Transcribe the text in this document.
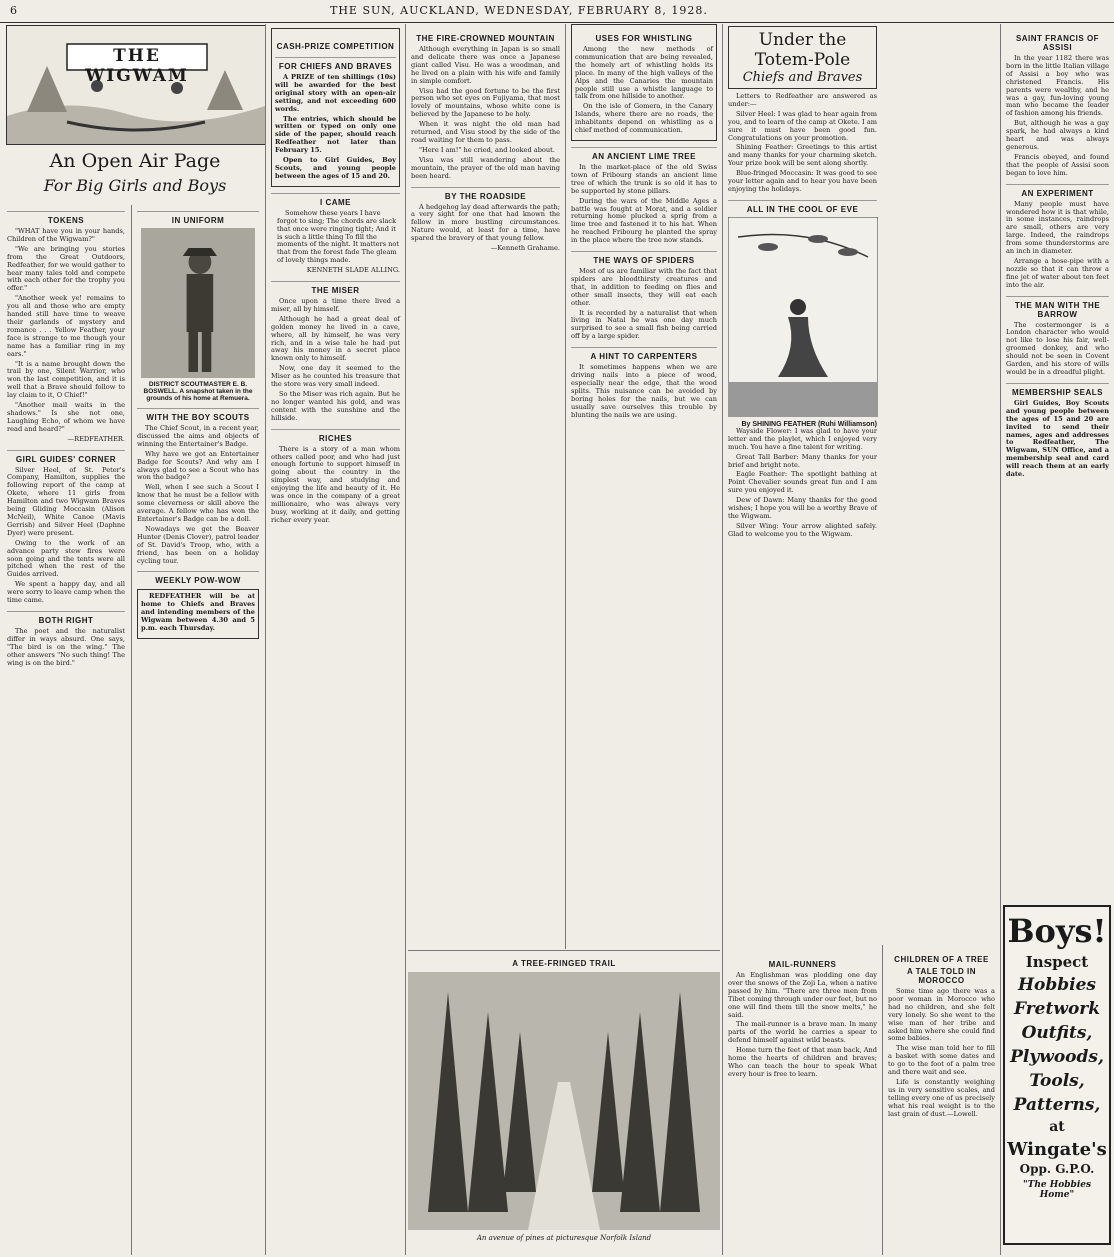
6	THE SUN, AUCKLAND, WEDNESDAY, FEBRUARY 8, 1928.
THE WIGWAM
An Open Air Page
For Big Girls and Boys
TOKENS

"WHAT have you in your hands, Children of the Wigwam?"

"We are bringing you stories from the Great Outdoors, Redfeather, for we would gather to hear many tales told and compete with each other for the trophy you offer."

"Another week ye! remains to you all and those who are empty handed still have time to weave their garlands of mystery and romance . . . Yellow Feather, your face is strange to me though your name has a familiar ring in my ears."

"It is a name brought down the trail by one, Silent Warrior, who won the last competition, and it is well that a Brave should follow to lay claim to it, O Chief!"

"Another mail waits in the shadows." Is she not one, Laughing Echo, of whom we have read and heard?"

—REDFEATHER.

GIRL GUIDES' CORNER

Silver Heel, of St. Peter's Company, Hamilton, supplies the following report of the camp at Okete, where 11 girls from Hamilton and two Wigwam Braves being Gliding Moccasin (Alison McNeil), White Canoe (Mavis Gerrish) and Silver Heel (Daphne Dyer) were present.

Owing to the work of an advance party stew fires were soon going and the tents were all pitched when the rest of the Guides arrived.

We spent a happy day, and all were sorry to leave camp when the time came.

BOTH RIGHT

The poet and the naturalist differ in ways absurd. One says, "The bird is on the wing." The other answers "No such thing! The wing is on the bird."

IN UNIFORM
DISTRICT SCOUTMASTER E. B. BOSWELL. A snapshot taken in the grounds of his home at Remuera.
WITH THE BOY SCOUTS

The Chief Scout, in a recent year, discussed the aims and objects of winning the Entertainer's Badge.

Why have we got an Entertainer Badge for Scouts? And why am I always glad to see a Scout who has won the badge?

Well, when I see such a Scout I know that he must be a fellow with some cleverness or skill above the average. A fellow who has won the Entertainer's Badge can be a doll.

Nowadays we get the Beaver Hunter (Denis Clover), patrol leader of St. David's Troop, who, with a friend, has been on a holiday cycling tour.

WEEKLY POW-WOW

REDFEATHER will be at home to Chiefs and Braves and intending members of the Wigwam between 4.30 and 5 p.m. each Thursday.

CASH-PRIZE COMPETITION
FOR CHIEFS AND BRAVES

A PRIZE of ten shillings (10s) will be awarded for the best original story with an open-air setting, and not exceeding 600 words.

The entries, which should be written or typed on only one side of the paper, should reach Redfeather not later than February 15.

Open to Girl Guides, Boy Scouts, and young people between the ages of 15 and 20.

I CAME

Somehow these years I have forgot to sing; The chords are slack that once were ringing tight; And it is such a little thing To fill the moments of the night. It matters not that from the forest fade The gleam of lovely things made.

KENNETH SLADE ALLING.

THE MISER

Once upon a time there lived a miser, all by himself.

Although he had a great deal of golden money he lived in a cave, where, all by himself, he was very rich, and in a wise tale he had put away his money in a secret place known only to himself.

Now, one day it seemed to the Miser as he counted his treasure that the store was very small indeed.

So the Miser was rich again. But he no longer wanted his gold, and was content with the sunshine and the hillside.

RICHES

There is a story of a man whom others called poor, and who had just enough fortune to support himself in going about the country in the simplest way, and studying and enjoying the life and beauty of it. He was once in the company of a great millionaire, who was always very busy, working at it daily, and getting richer every year.

THE FIRE-CROWNED MOUNTAIN

Although everything in Japan is so small and delicate there was once a Japanese giant called Visu. He was a woodman, and he lived on a plain with his wife and family in simple comfort.

Visu had the good fortune to be the first person who set eyes on Fujiyama, that most lovely of mountains, whose white cone is believed by the Japanese to be holy.

When it was night the old man had returned, and Visu stood by the side of the road waiting for them to pass.

"Here I am!" he cried, and looked about.

Visu was still wandering about the mountain, the prayer of the old man having been heard.

BY THE ROADSIDE

A hedgehog lay dead afterwards the path; a very sight for one that had known the fellow in more bustling circumstances. Nature would, at least for a time, have spared the bravery of that young fellow.

—Kenneth Grahame.

A TREE-FRINGED TRAIL
An avenue of pines at picturesque Norfolk Island
USES FOR WHISTLING

Among the new methods of communication that are being revealed, the homely art of whistling holds its place. In many of the high valleys of the Alps and the Canaries the mountain people still use a whistle language to talk from one hillside to another.

On the isle of Gomera, in the Canary Islands, where there are no roads, the inhabitants depend on whistling as a chief method of communication.

AN ANCIENT LIME TREE

In the market-place of the old Swiss town of Fribourg stands an ancient lime tree of which the trunk is so old it has to be supported by stone pillars.

During the wars of the Middle Ages a battle was fought at Morat, and a soldier returning home plucked a sprig from a lime tree and fastened it to his hat. When he reached Fribourg he planted the spray in the place where the tree now stands.

THE WAYS OF SPIDERS

Most of us are familiar with the fact that spiders are bloodthirsty creatures and that, in addition to feeding on flies and other small insects, they will eat each other.

It is recorded by a naturalist that when living in Natal he was one day much surprised to see a small fish being carried off by a large spider.

A HINT TO CARPENTERS

It sometimes happens when we are driving nails into a piece of wood, especially near the edge, that the wood splits. This nuisance can be avoided by boring holes for the nails, but we can usually save ourselves this trouble by blunting the nails we are using.

MAIL-RUNNERS

An Englishman was plodding one day over the snows of the Zoji La, when a native passed by him. "There are three men from Tibet coming through under our feet, but no one will find them till the snow melts," he said.

The mail-runner is a brave man. In many parts of the world he carries a spear to defend himself against wild beasts.

Home turn the feet of that man back, And home the hearts of children and braves; Who can teach the hour to speak What every hour is free to learn.

Under the Totem-Pole
Chiefs and Braves

Letters to Redfeather are answered as under:—

Silver Heel: I was glad to hear again from you, and to learn of the camp at Okete. I am sure it must have been good fun. Congratulations on your promotion.

Shining Feather: Greetings to this artist and many thanks for your charming sketch. Your prize book will be sent along shortly.

Blue-fringed Moccasin: It was good to see your letter again and to hear you have been enjoying the holidays.

ALL IN THE COOL OF EVE
By SHINING FEATHER (Ruhi Williamson)

Wayside Flower: I was glad to have your letter and the playlet, which I enjoyed very much. You have a fine talent for writing.

Great Tall Barber: Many thanks for your brief and bright note.

Eagle Feather: The spotlight bathing at Point Chevalier sounds great fun and I am sure you enjoyed it.

Dew of Dawn: Many thanks for the good wishes; I hope you will be a worthy Brave of the Wigwam.

Silver Wing: Your arrow alighted safely. Glad to welcome you to the Wigwam.

CHILDREN OF A TREE
A TALE TOLD IN MOROCCO

Some time ago there was a poor woman in Morocco who had no children, and she felt very lonely. So she went to the wise man of her tribe and asked him where she could find some babies.

The wise man told her to fill a basket with some dates and to go to the foot of a palm tree and there wait and see.

Life is constantly weighing us in very sensitive scales, and telling every one of us precisely what his real weight is to the last grain of dust.—Lowell.

SAINT FRANCIS OF ASSISI

In the year 1182 there was born in the little Italian village of Assisi a boy who was christened Francis. His parents were wealthy, and he was a gay, fun-loving young man who became the leader of fashion among his friends.

But, although he was a gay spark, he had always a kind heart and was always generous.

Francis obeyed, and found that the people of Assisi soon began to love him.

AN EXPERIMENT

Many people must have wondered how it is that while, in some instances, raindrops are small, others are very large. Indeed, the raindrops from some thunderstorms are an inch in diameter.

Arrange a hose-pipe with a nozzle so that it can throw a fine jet of water about ten feet into the air.

THE MAN WITH THE BARROW

The costermonger is a London character who would not like to lose his fair, well-groomed donkey, and who should not be seen in Covent Garden, and his store of wills would be in a dreadful plight.

MEMBERSHIP SEALS

Girl Guides, Boy Scouts and young people between the ages of 15 and 20 are invited to send their names, ages and addresses to Redfeather, The Wigwam, SUN Office, and a membership seal and card will reach them at an early date.

Boys!
Inspect
Hobbies
Fretwork
Outfits,
Plywoods,
Tools,
Patterns,
at
Wingate's
Opp. G.P.O.
"The Hobbies Home"
